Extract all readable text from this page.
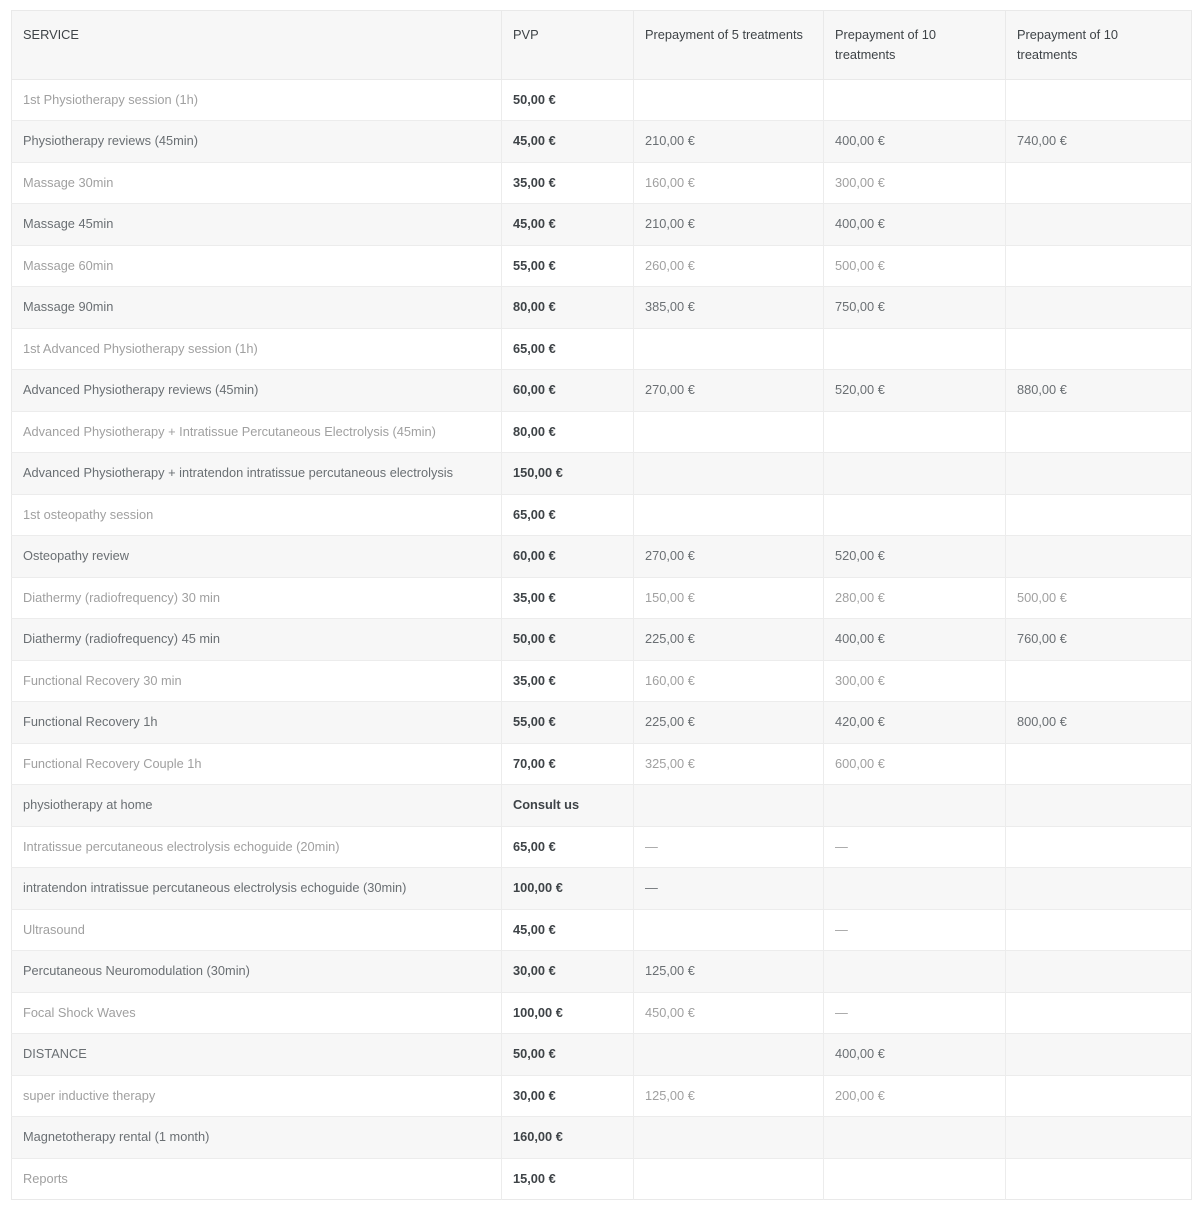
SERVICE	PVP	Prepayment of 5 treatments	Prepayment of 10 treatments	Prepayment of 10 treatments
1st Physiotherapy session (1h)	50,00 €			
Physiotherapy reviews (45min)	45,00 €	210,00 €	400,00 €	740,00 €
Massage 30min	35,00 €	160,00 €	300,00 €	
Massage 45min	45,00 €	210,00 €	400,00 €	
Massage 60min	55,00 €	260,00 €	500,00 €	
Massage 90min	80,00 €	385,00 €	750,00 €	
1st Advanced Physiotherapy session (1h)	65,00 €			
Advanced Physiotherapy reviews (45min)	60,00 €	270,00 €	520,00 €	880,00 €
Advanced Physiotherapy + Intratissue Percutaneous Electrolysis (45min)	80,00 €			
Advanced Physiotherapy + intratendon intratissue percutaneous electrolysis	150,00 €			
1st osteopathy session	65,00 €			
Osteopathy review	60,00 €	270,00 €	520,00 €	
Diathermy (radiofrequency) 30 min	35,00 €	150,00 €	280,00 €	500,00 €
Diathermy (radiofrequency) 45 min	50,00 €	225,00 €	400,00 €	760,00 €
Functional Recovery 30 min	35,00 €	160,00 €	300,00 €	
Functional Recovery 1h	55,00 €	225,00 €	420,00 €	800,00 €
Functional Recovery Couple 1h	70,00 €	325,00 €	600,00 €	
physiotherapy at home	Consult us			
Intratissue percutaneous electrolysis echoguide (20min)	65,00 €	—	—	
intratendon intratissue percutaneous electrolysis echoguide (30min)	100,00 €	—		
Ultrasound	45,00 €		—	
Percutaneous Neuromodulation (30min)	30,00 €	125,00 €		
Focal Shock Waves	100,00 €	450,00 €	—	
DISTANCE	50,00 €		400,00 €	
super inductive therapy	30,00 €	125,00 €	200,00 €	
Magnetotherapy rental (1 month)	160,00 €			
Reports	15,00 €			
